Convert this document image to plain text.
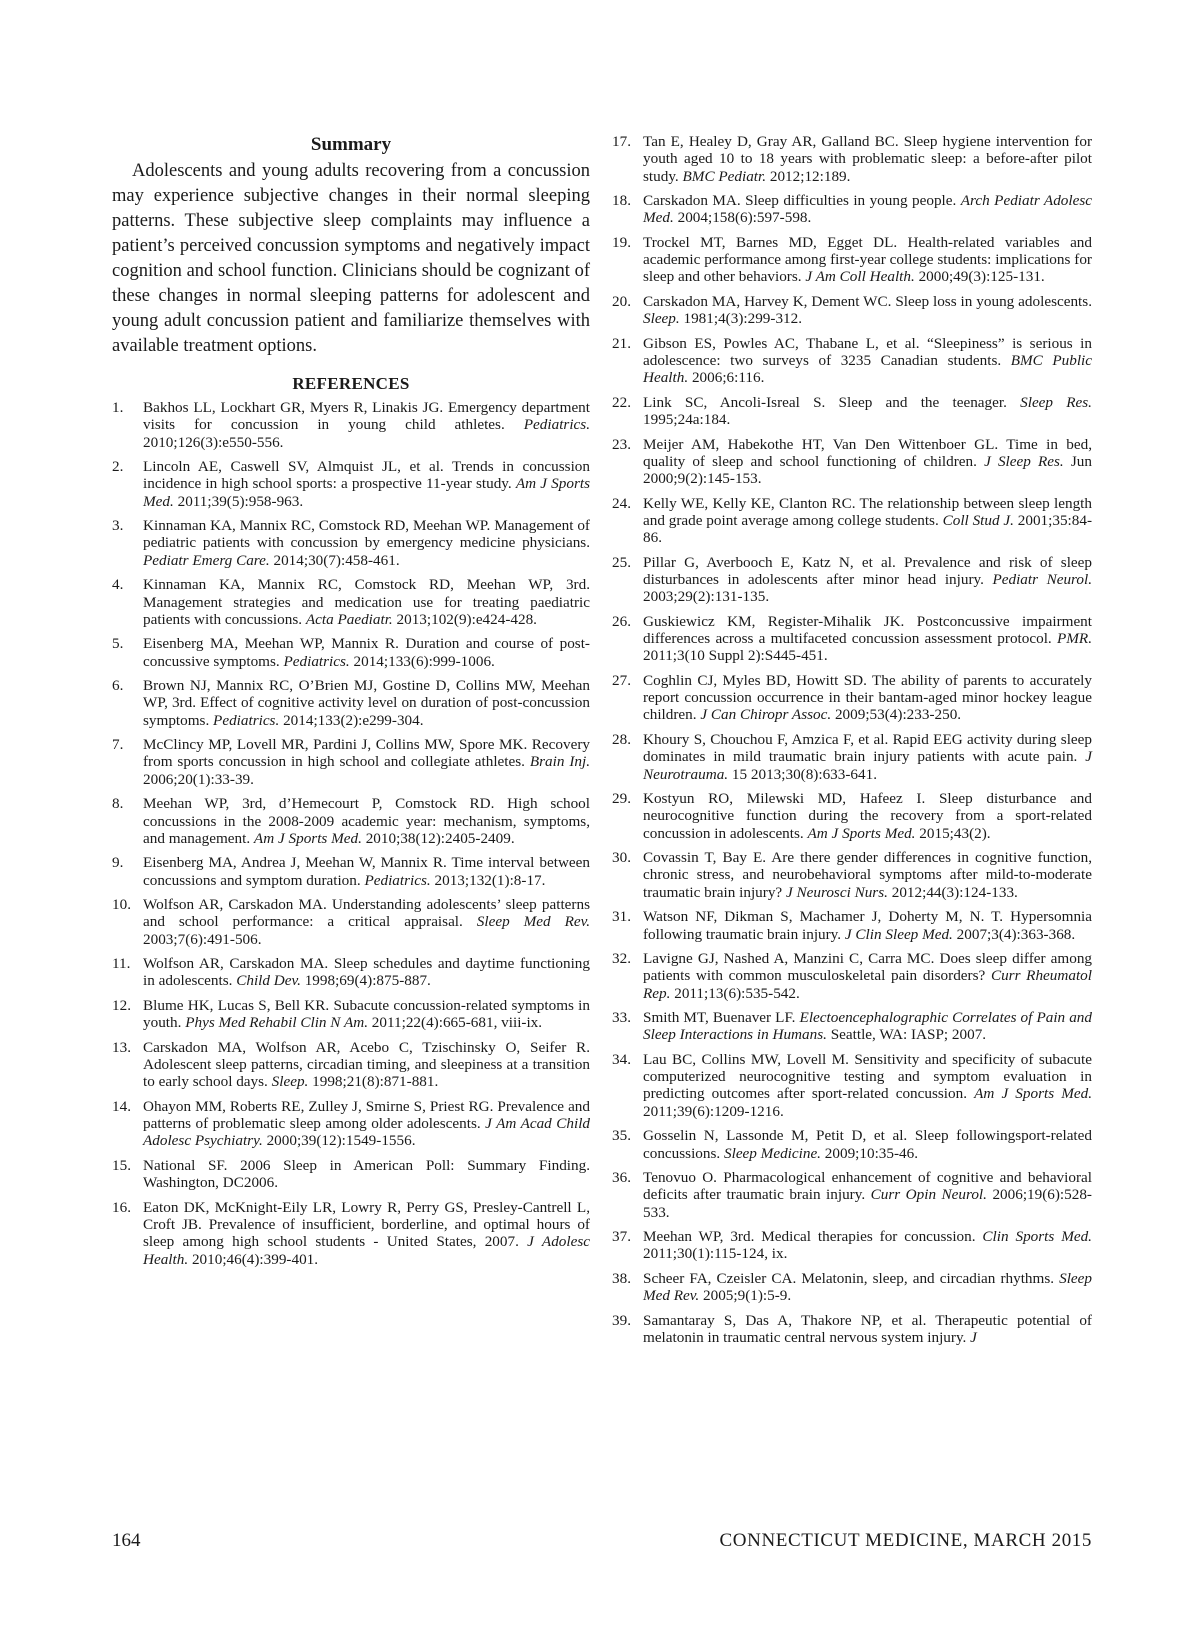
Summary

Adolescents and young adults recovering from a concussion may experience subjective changes in their normal sleeping patterns. These subjective sleep complaints may influence a patient’s perceived concussion symptoms and negatively impact cognition and school function. Clinicians should be cognizant of these changes in normal sleeping patterns for adolescent and young adult concussion patient and familiarize themselves with available treatment options.

REFERENCES
1. Bakhos LL, Lockhart GR, Myers R, Linakis JG. Emergency department visits for concussion in young child athletes. Pediatrics. 2010;126(3):e550-556.
2. Lincoln AE, Caswell SV, Almquist JL, et al. Trends in concussion incidence in high school sports: a prospective 11-year study. Am J Sports Med. 2011;39(5):958-963.
3. Kinnaman KA, Mannix RC, Comstock RD, Meehan WP. Management of pediatric patients with concussion by emergency medicine physicians. Pediatr Emerg Care. 2014;30(7):458-461.
4. Kinnaman KA, Mannix RC, Comstock RD, Meehan WP, 3rd. Management strategies and medication use for treating paediatric patients with concussions. Acta Paediatr. 2013;102(9):e424-428.
5. Eisenberg MA, Meehan WP, Mannix R. Duration and course of post-concussive symptoms. Pediatrics. 2014;133(6):999-1006.
6. Brown NJ, Mannix RC, O’Brien MJ, Gostine D, Collins MW, Meehan WP, 3rd. Effect of cognitive activity level on duration of post-concussion symptoms. Pediatrics. 2014;133(2):e299-304.
7. McClincy MP, Lovell MR, Pardini J, Collins MW, Spore MK. Recovery from sports concussion in high school and collegiate athletes. Brain Inj. 2006;20(1):33-39.
8. Meehan WP, 3rd, d’Hemecourt P, Comstock RD. High school concussions in the 2008-2009 academic year: mechanism, symptoms, and management. Am J Sports Med. 2010;38(12):2405-2409.
9. Eisenberg MA, Andrea J, Meehan W, Mannix R. Time interval between concussions and symptom duration. Pediatrics. 2013;132(1):8-17.
10. Wolfson AR, Carskadon MA. Understanding adolescents’ sleep patterns and school performance: a critical appraisal. Sleep Med Rev. 2003;7(6):491-506.
11. Wolfson AR, Carskadon MA. Sleep schedules and daytime functioning in adolescents. Child Dev. 1998;69(4):875-887.
12. Blume HK, Lucas S, Bell KR. Subacute concussion-related symptoms in youth. Phys Med Rehabil Clin N Am. 2011;22(4):665-681, viii-ix.
13. Carskadon MA, Wolfson AR, Acebo C, Tzischinsky O, Seifer R. Adolescent sleep patterns, circadian timing, and sleepiness at a transition to early school days. Sleep. 1998;21(8):871-881.
14. Ohayon MM, Roberts RE, Zulley J, Smirne S, Priest RG. Prevalence and patterns of problematic sleep among older adolescents. J Am Acad Child Adolesc Psychiatry. 2000;39(12):1549-1556.
15. National SF. 2006 Sleep in American Poll: Summary Finding. Washington, DC2006.
16. Eaton DK, McKnight-Eily LR, Lowry R, Perry GS, Presley-Cantrell L, Croft JB. Prevalence of insufficient, borderline, and optimal hours of sleep among high school students - United States, 2007. J Adolesc Health. 2010;46(4):399-401.
17. Tan E, Healey D, Gray AR, Galland BC. Sleep hygiene intervention for youth aged 10 to 18 years with problematic sleep: a before-after pilot study. BMC Pediatr. 2012;12:189.
18. Carskadon MA. Sleep difficulties in young people. Arch Pediatr Adolesc Med. 2004;158(6):597-598.
19. Trockel MT, Barnes MD, Egget DL. Health-related variables and academic performance among first-year college students: implications for sleep and other behaviors. J Am Coll Health. 2000;49(3):125-131.
20. Carskadon MA, Harvey K, Dement WC. Sleep loss in young adolescents. Sleep. 1981;4(3):299-312.
21. Gibson ES, Powles AC, Thabane L, et al. “Sleepiness” is serious in adolescence: two surveys of 3235 Canadian students. BMC Public Health. 2006;6:116.
22. Link SC, Ancoli-Isreal S. Sleep and the teenager. Sleep Res. 1995;24a:184.
23. Meijer AM, Habekothe HT, Van Den Wittenboer GL. Time in bed, quality of sleep and school functioning of children. J Sleep Res. Jun 2000;9(2):145-153.
24. Kelly WE, Kelly KE, Clanton RC. The relationship between sleep length and grade point average among college students. Coll Stud J. 2001;35:84-86.
25. Pillar G, Averbooch E, Katz N, et al. Prevalence and risk of sleep disturbances in adolescents after minor head injury. Pediatr Neurol. 2003;29(2):131-135.
26. Guskiewicz KM, Register-Mihalik JK. Postconcussive impairment differences across a multifaceted concussion assessment protocol. PMR. 2011;3(10 Suppl 2):S445-451.
27. Coghlin CJ, Myles BD, Howitt SD. The ability of parents to accurately report concussion occurrence in their bantam-aged minor hockey league children. J Can Chiropr Assoc. 2009;53(4):233-250.
28. Khoury S, Chouchou F, Amzica F, et al. Rapid EEG activity during sleep dominates in mild traumatic brain injury patients with acute pain. J Neurotrauma. 15 2013;30(8):633-641.
29. Kostyun RO, Milewski MD, Hafeez I. Sleep disturbance and neurocognitive function during the recovery from a sport-related concussion in adolescents. Am J Sports Med. 2015;43(2).
30. Covassin T, Bay E. Are there gender differences in cognitive function, chronic stress, and neurobehavioral symptoms after mild-to-moderate traumatic brain injury? J Neurosci Nurs. 2012;44(3):124-133.
31. Watson NF, Dikman S, Machamer J, Doherty M, N. T. Hypersomnia following traumatic brain injury. J Clin Sleep Med. 2007;3(4):363-368.
32. Lavigne GJ, Nashed A, Manzini C, Carra MC. Does sleep differ among patients with common musculoskeletal pain disorders? Curr Rheumatol Rep. 2011;13(6):535-542.
33. Smith MT, Buenaver LF. Electoencephalographic Correlates of Pain and Sleep Interactions in Humans. Seattle, WA: IASP; 2007.
34. Lau BC, Collins MW, Lovell M. Sensitivity and specificity of subacute computerized neurocognitive testing and symptom evaluation in predicting outcomes after sport-related concussion. Am J Sports Med. 2011;39(6):1209-1216.
35. Gosselin N, Lassonde M, Petit D, et al. Sleep followingsport-related concussions. Sleep Medicine. 2009;10:35-46.
36. Tenovuo O. Pharmacological enhancement of cognitive and behavioral deficits after traumatic brain injury. Curr Opin Neurol. 2006;19(6):528-533.
37. Meehan WP, 3rd. Medical therapies for concussion. Clin Sports Med. 2011;30(1):115-124, ix.
38. Scheer FA, Czeisler CA. Melatonin, sleep, and circadian rhythms. Sleep Med Rev. 2005;9(1):5-9.
39. Samantaray S, Das A, Thakore NP, et al. Therapeutic potential of melatonin in traumatic central nervous system injury. J
164	CONNECTICUT MEDICINE, MARCH 2015
